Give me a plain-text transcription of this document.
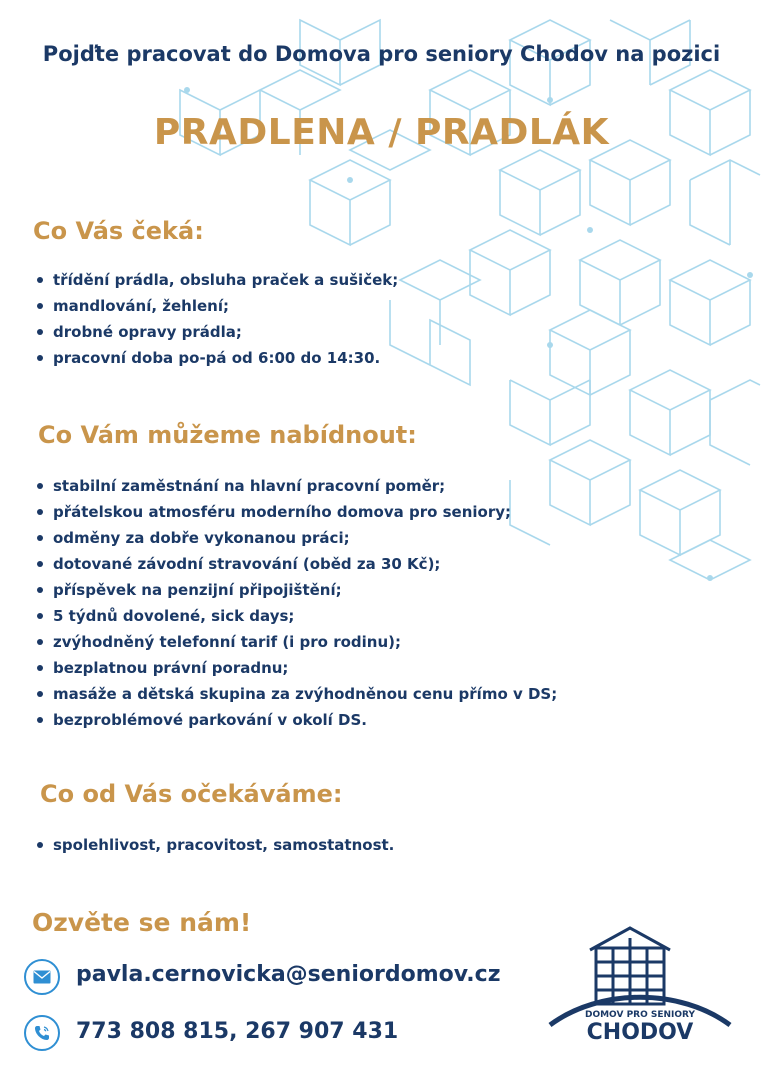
Pojďte pracovat do Domova pro seniory Chodov na pozici
PRADLENA / PRADLÁK
Co Vás čeká:
třídění prádla, obsluha praček a sušiček;
mandlování, žehlení;
drobné opravy prádla;
pracovní doba po-pá od 6:00 do 14:30.
Co Vám můžeme nabídnout:
stabilní zaměstnání na hlavní pracovní poměr;
přátelskou atmosféru moderního domova pro seniory;
odměny za dobře vykonanou práci;
dotované závodní stravování (oběd za 30 Kč);
příspěvek na penzijní připojištění;
5 týdnů dovolené, sick days;
zvýhodněný telefonní tarif (i pro rodinu);
bezplatnou právní poradnu;
masáže a dětská skupina za zvýhodněnou cenu přímo v DS;
bezproblémové parkování v okolí DS.
Co od Vás očekáváme:
spolehlivost, pracovitost, samostatnost.
Ozvěte se nám!
pavla.cernovicka@seniordomov.cz
773 808 815, 267 907 431
DOMOV PRO SENIORY
CHODOV
